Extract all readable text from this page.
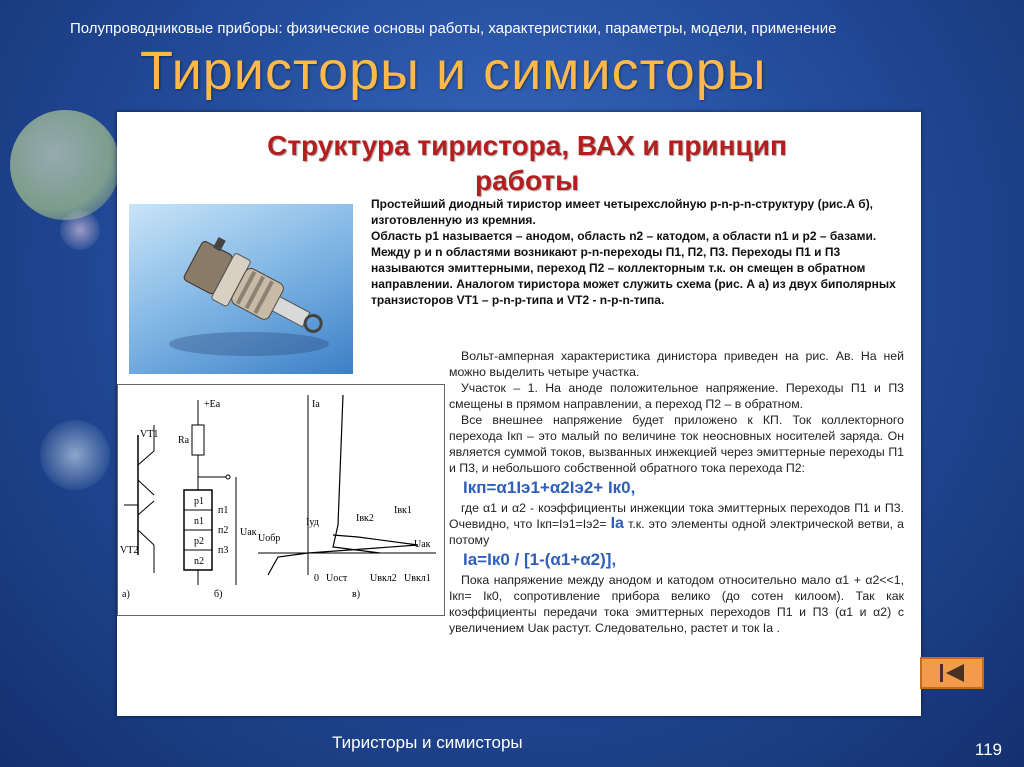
Полупроводниковые приборы: физические основы работы, характеристики, параметры, модели, применение
Тиристоры и симисторы
Структура тиристора, ВАХ и принцип
работы

Простейший диодный тиристор имеет четырехслойную p-n-p-n-структуру (рис.А б), изготовленную из кремния.

Область p1 называется – анодом, область n2 – катодом, а области n1 и p2 – базами.

Между p и n областями возникают p-n-переходы П1, П2, П3. Переходы П1 и П3 называются эмиттерными, переход П2 – коллекторным т.к. он смещен в обратном направлении. Аналогом тиристора может служить схема (рис. А а) из двух биполярных транзисторов VT1 – p-n-p-типа и VT2 - n-p-n-типа.

VT1
VT2
а)
+Ea
Ra
p1
n1
p2
n2
п1
п2
п3
Uак
б)
Ia
Uак
Iуд	Iвк2
Iвк1
Uобр
0 Uост Uвкл2 Uвкл1
в)

Вольт-амперная характеристика динистора приведен на рис. Ав. На ней можно выделить четыре участка.

Участок – 1. На аноде положительное напряжение. Переходы П1 и П3 смещены в прямом направлении, а переход П2 – в обратном.

Все внешнее напряжение будет приложено к КП. Ток коллекторного перехода Iкп – это малый по величине ток неосновных носителей заряда. Он является суммой токов, вызванных инжекцией через эмиттерные переходы П1 и П3, и небольшого собственной обратного тока перехода П2:

Iкп=α1Iэ1+α2Iэ2+ Iк0,

где α1 и α2 - коэффициенты инжекции тока эмиттерных переходов П1 и П3. Очевидно, что Iкп=Iэ1=Iэ2= Ia т.к. это элементы одной электрической ветви, а потому

Ia=Iк0 / [1-(α1+α2)],

Пока напряжение между анодом и катодом относительно мало α1 + α2<<1, Iкп= Iк0, сопротивление прибора велико (до сотен килоом). Так как коэффициенты передачи тока эмиттерных переходов П1 и П3 (α1 и α2) с увеличением Uак растут. Следовательно, растет и ток Ia .

Тиристоры и симисторы	119
